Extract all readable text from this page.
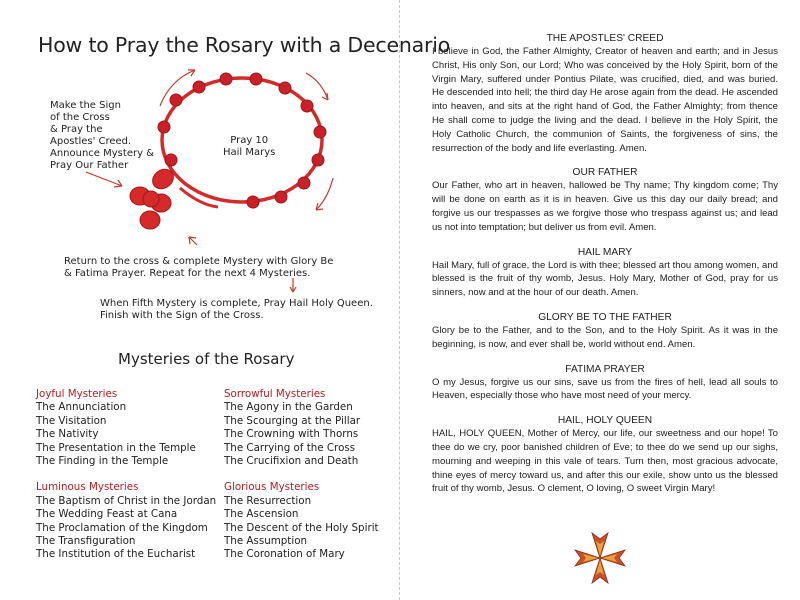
How to Pray the Rosary with a Decenario
Make the Sign
of the Cross
& Pray the
Apostles' Creed.
Announce Mystery &
Pray Our Father
Pray 10
Hail Marys
Return to the cross & complete Mystery with Glory Be
& Fatima Prayer. Repeat for the next 4 Mysteries.
When Fifth Mystery is complete, Pray Hail Holy Queen.
Finish with the Sign of the Cross.
Mysteries of the Rosary
Joyful Mysteries
The Annunciation
The Visitation
The Nativity
The Presentation in the Temple
The Finding in the Temple
Luminous Mysteries
The Baptism of Christ in the Jordan
The Wedding Feast at Cana
The Proclamation of the Kingdom
The Transfiguration
The Institution of the Eucharist
Sorrowful Mysteries
The Agony in the Garden
The Scourging at the Pillar
The Crowning with Thorns
The Carrying of the Cross
The Crucifixion and Death
Glorious Mysteries
The Resurrection
The Ascension
The Descent of the Holy Spirit
The Assumption
The Coronation of Mary
THE APOSTLES' CREED
I believe in God, the Father Almighty, Creator of heaven and earth; and in Jesus Christ, His only Son, our Lord; Who was conceived by the Holy Spirit, born of the Virgin Mary, suffered under Pontius Pilate, was crucified, died, and was buried. He descended into hell; the third day He arose again from the dead. He ascended into heaven, and sits at the right hand of God, the Father Almighty; from thence He shall come to judge the living and the dead. I believe in the Holy Spirit, the Holy Catholic Church, the communion of Saints, the forgiveness of sins, the resurrection of the body and life everlasting. Amen.
OUR FATHER
Our Father, who art in heaven, hallowed be Thy name; Thy kingdom come; Thy will be done on earth as it is in heaven. Give us this day our daily bread; and forgive us our trespasses as we forgive those who trespass against us; and lead us not into temptation; but deliver us from evil. Amen.
HAIL MARY
Hail Mary, full of grace, the Lord is with thee; blessed art thou among women, and blessed is the fruit of thy womb, Jesus. Holy Mary, Mother of God, pray for us sinners, now and at the hour of our death. Amen.
GLORY BE TO THE FATHER
Glory be to the Father, and to the Son, and to the Holy Spirit. As it was in the beginning, is now, and ever shall be, world without end. Amen.
FATIMA PRAYER
O my Jesus, forgive us our sins, save us from the fires of hell, lead all souls to Heaven, especially those who have most need of your mercy.
HAIL, HOLY QUEEN
HAIL, HOLY QUEEN, Mother of Mercy, our life, our sweetness and our hope! To thee do we cry, poor banished children of Eve; to thee do we send up our sighs, mourning and weeping in this vale of tears. Turn then, most gracious advocate, thine eyes of mercy toward us, and after this our exile, show unto us the blessed fruit of thy womb, Jesus. O clement, O loving, O sweet Virgin Mary!
